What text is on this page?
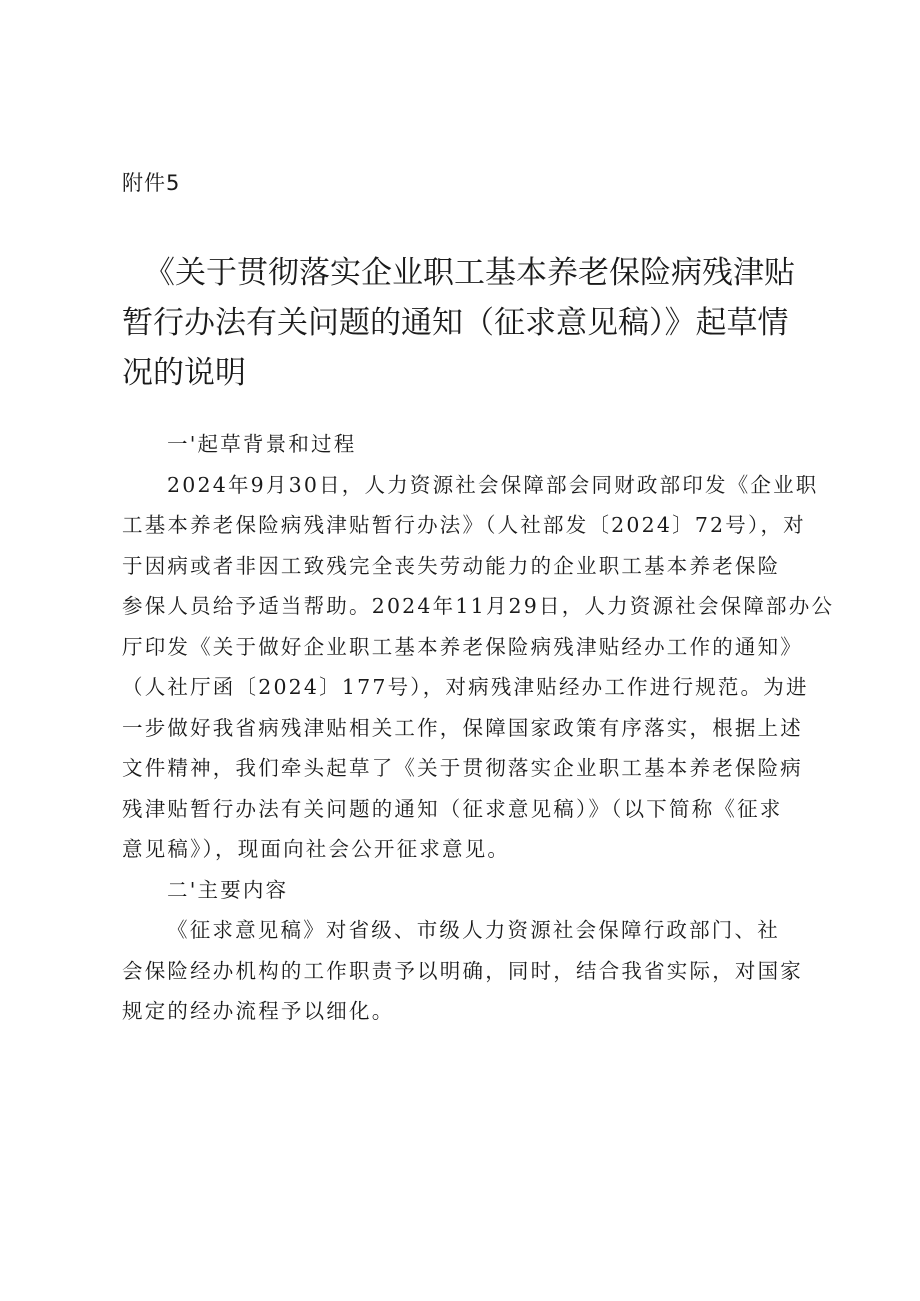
附件5
《关于贯彻落实企业职工基本养老保险病残津贴
暂行办法有关问题的通知（征求意见稿）》起草情
况的说明
一'起草背景和过程

2024年9月30日，人力资源社会保障部会同财政部印发《企业职
工基本养老保险病残津贴暂行办法》（人社部发〔2024〕72号），对
于因病或者非因工致残完全丧失劳动能力的企业职工基本养老保险
参保人员给予适当帮助。2024年11月29日，人力资源社会保障部办公
厅印发《关于做好企业职工基本养老保险病残津贴经办工作的通知》
（人社厅函〔2024〕177号），对病残津贴经办工作进行规范。为进
一步做好我省病残津贴相关工作，保障国家政策有序落实，根据上述
文件精神，我们牵头起草了《关于贯彻落实企业职工基本养老保险病
残津贴暂行办法有关问题的通知（征求意见稿）》（以下简称《征求
意见稿》），现面向社会公开征求意见。

二'主要内容

《征求意见稿》对省级、市级人力资源社会保障行政部门、社
会保险经办机构的工作职责予以明确，同时，结合我省实际，对国家
规定的经办流程予以细化。
